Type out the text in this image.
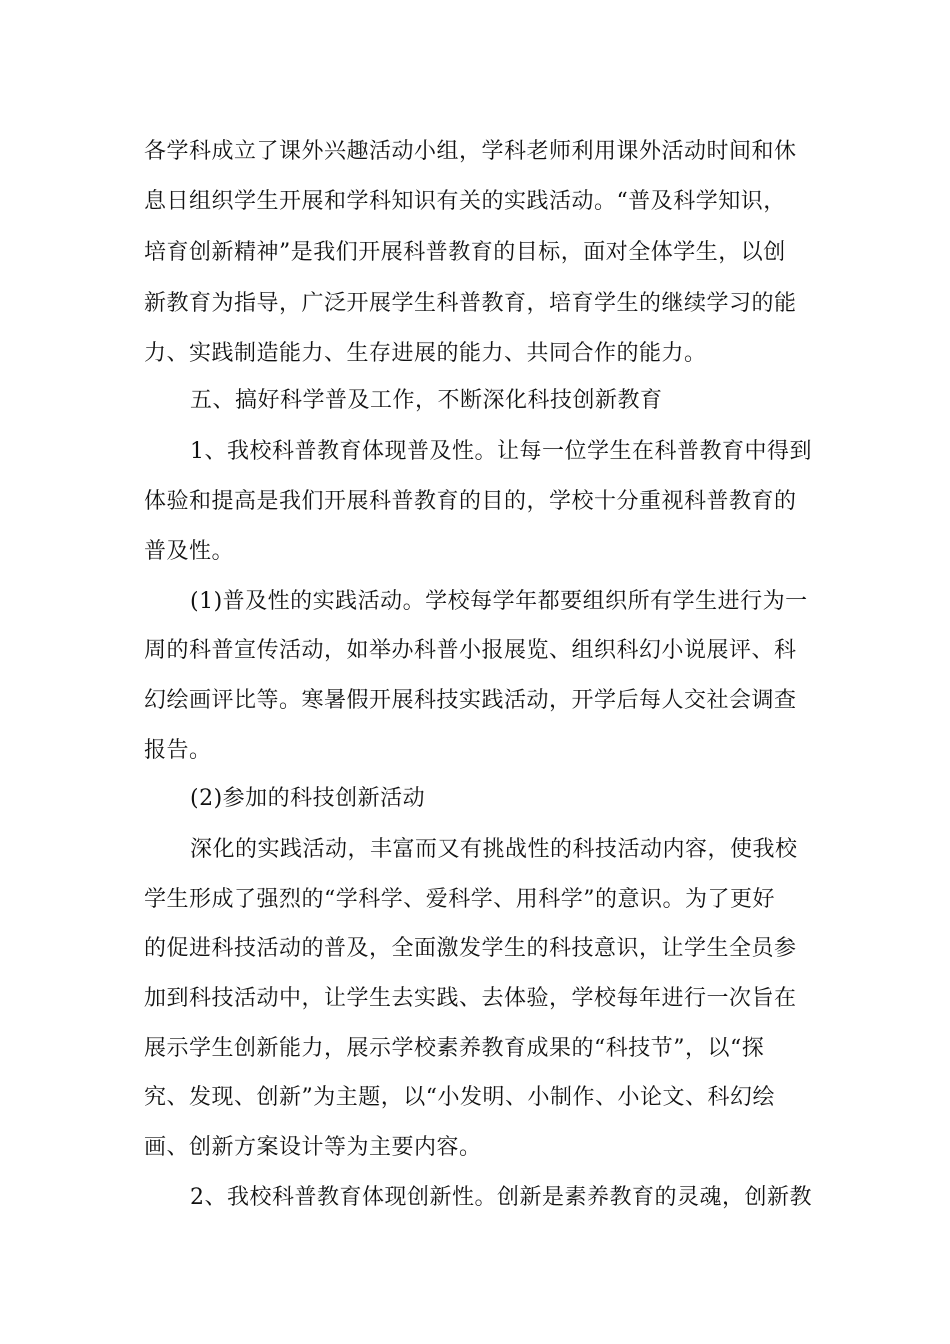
各学科成立了课外兴趣活动小组，学科老师利用课外活动时间和休

息日组织学生开展和学科知识有关的实践活动。“普及科学知识，

培育创新精神”是我们开展科普教育的目标，面对全体学生，以创

新教育为指导，广泛开展学生科普教育，培育学生的继续学习的能

力、实践制造能力、生存进展的能力、共同合作的能力。

五、搞好科学普及工作，不断深化科技创新教育

1、我校科普教育体现普及性。让每一位学生在科普教育中得到

体验和提高是我们开展科普教育的目的，学校十分重视科普教育的

普及性。

(1)普及性的实践活动。学校每学年都要组织所有学生进行为一

周的科普宣传活动，如举办科普小报展览、组织科幻小说展评、科

幻绘画评比等。寒暑假开展科技实践活动，开学后每人交社会调查

报告。

(2)参加的科技创新活动

深化的实践活动，丰富而又有挑战性的科技活动内容，使我校

学生形成了强烈的“学科学、爱科学、用科学”的意识。为了更好

的促进科技活动的普及，全面激发学生的科技意识，让学生全员参

加到科技活动中，让学生去实践、去体验，学校每年进行一次旨在

展示学生创新能力，展示学校素养教育成果的“科技节”，以“探

究、发现、创新”为主题，以“小发明、小制作、小论文、科幻绘

画、创新方案设计等为主要内容。

2、我校科普教育体现创新性。创新是素养教育的灵魂，创新教
